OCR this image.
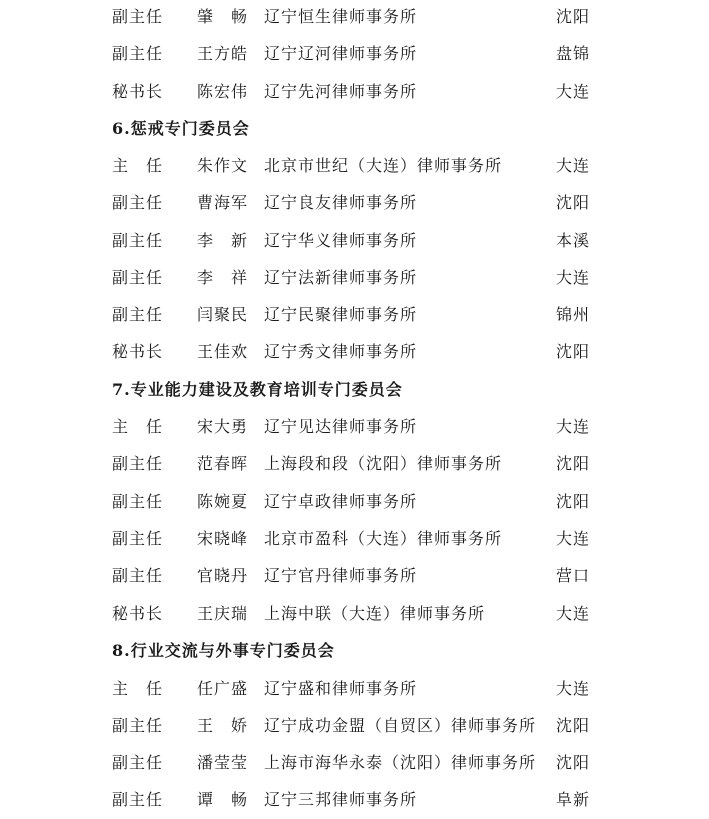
副主任 肇　畅 辽宁恒生律师事务所	沈阳
副主任 王方皓 辽宁辽河律师事务所	盘锦
秘书长 陈宏伟 辽宁先河律师事务所	大连
6.惩戒专门委员会
主　任 朱作文 北京市世纪（大连）律师事务所	大连
副主任 曹海军 辽宁良友律师事务所	沈阳
副主任 李　新 辽宁华义律师事务所	本溪
副主任 李　祥 辽宁法新律师事务所	大连
副主任 闫聚民 辽宁民聚律师事务所	锦州
秘书长 王佳欢 辽宁秀文律师事务所	沈阳
7.专业能力建设及教育培训专门委员会
主　任 宋大勇 辽宁见达律师事务所	大连
副主任 范春晖 上海段和段（沈阳）律师事务所	沈阳
副主任 陈婉夏 辽宁卓政律师事务所	沈阳
副主任 宋晓峰 北京市盈科（大连）律师事务所	大连
副主任 官晓丹 辽宁官丹律师事务所	营口
秘书长 王庆瑞 上海中联（大连）律师事务所	大连
8.行业交流与外事专门委员会
主　任 任广盛 辽宁盛和律师事务所	大连
副主任 王　娇 辽宁成功金盟（自贸区）律师事务所 沈阳
副主任 潘莹莹 上海市海华永泰（沈阳）律师事务所 沈阳
副主任 谭　畅 辽宁三邦律师事务所	阜新
